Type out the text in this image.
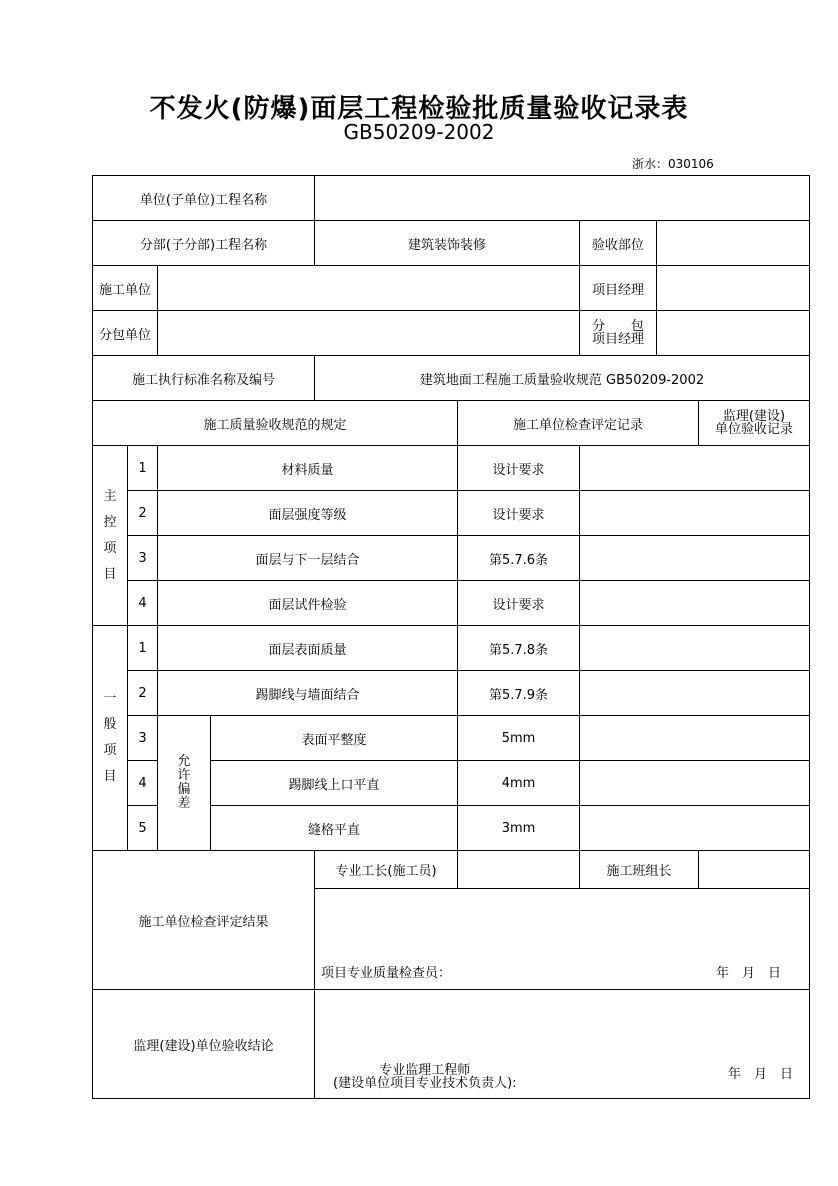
不发火(防爆)面层工程检验批质量验收记录表
GB50209-2002
浙水：030106
单位(子单位)工程名称								
分部(子分部)工程名称				建筑装饰装修		验收部位		
施工单位						项目经理		
分包单位						分　　包
项目经理		

施工执行标准名称及编号				建筑地面工程施工质量验收规范 GB50209-2002				
施工质量验收规范的规定					施工单位检查评定记录			监理(建设)
单位验收记录

主控项目	1	材料质量			设计要求			
	2	面层强度等级			设计要求			
	3	面层与下一层结合			第5.7.6条			
	4	面层试件检验			设计要求			

一般项目	1	面层表面质量			第5.7.8条			
	2	踢脚线与墙面结合			第5.7.9条			
	3	允许偏差	表面平整度		5mm			

	4		踢脚线上口平直		4mm			

	5		缝格平直		3mm			

施工单位检查评定结果				专业工长(施工员)		施工班组长		

				项目专业质量检查员： 年　月　日				

监理(建设)单位验收结论				专业监理工程师
(建设单位项目专业技术负责人):
年　月　日				
